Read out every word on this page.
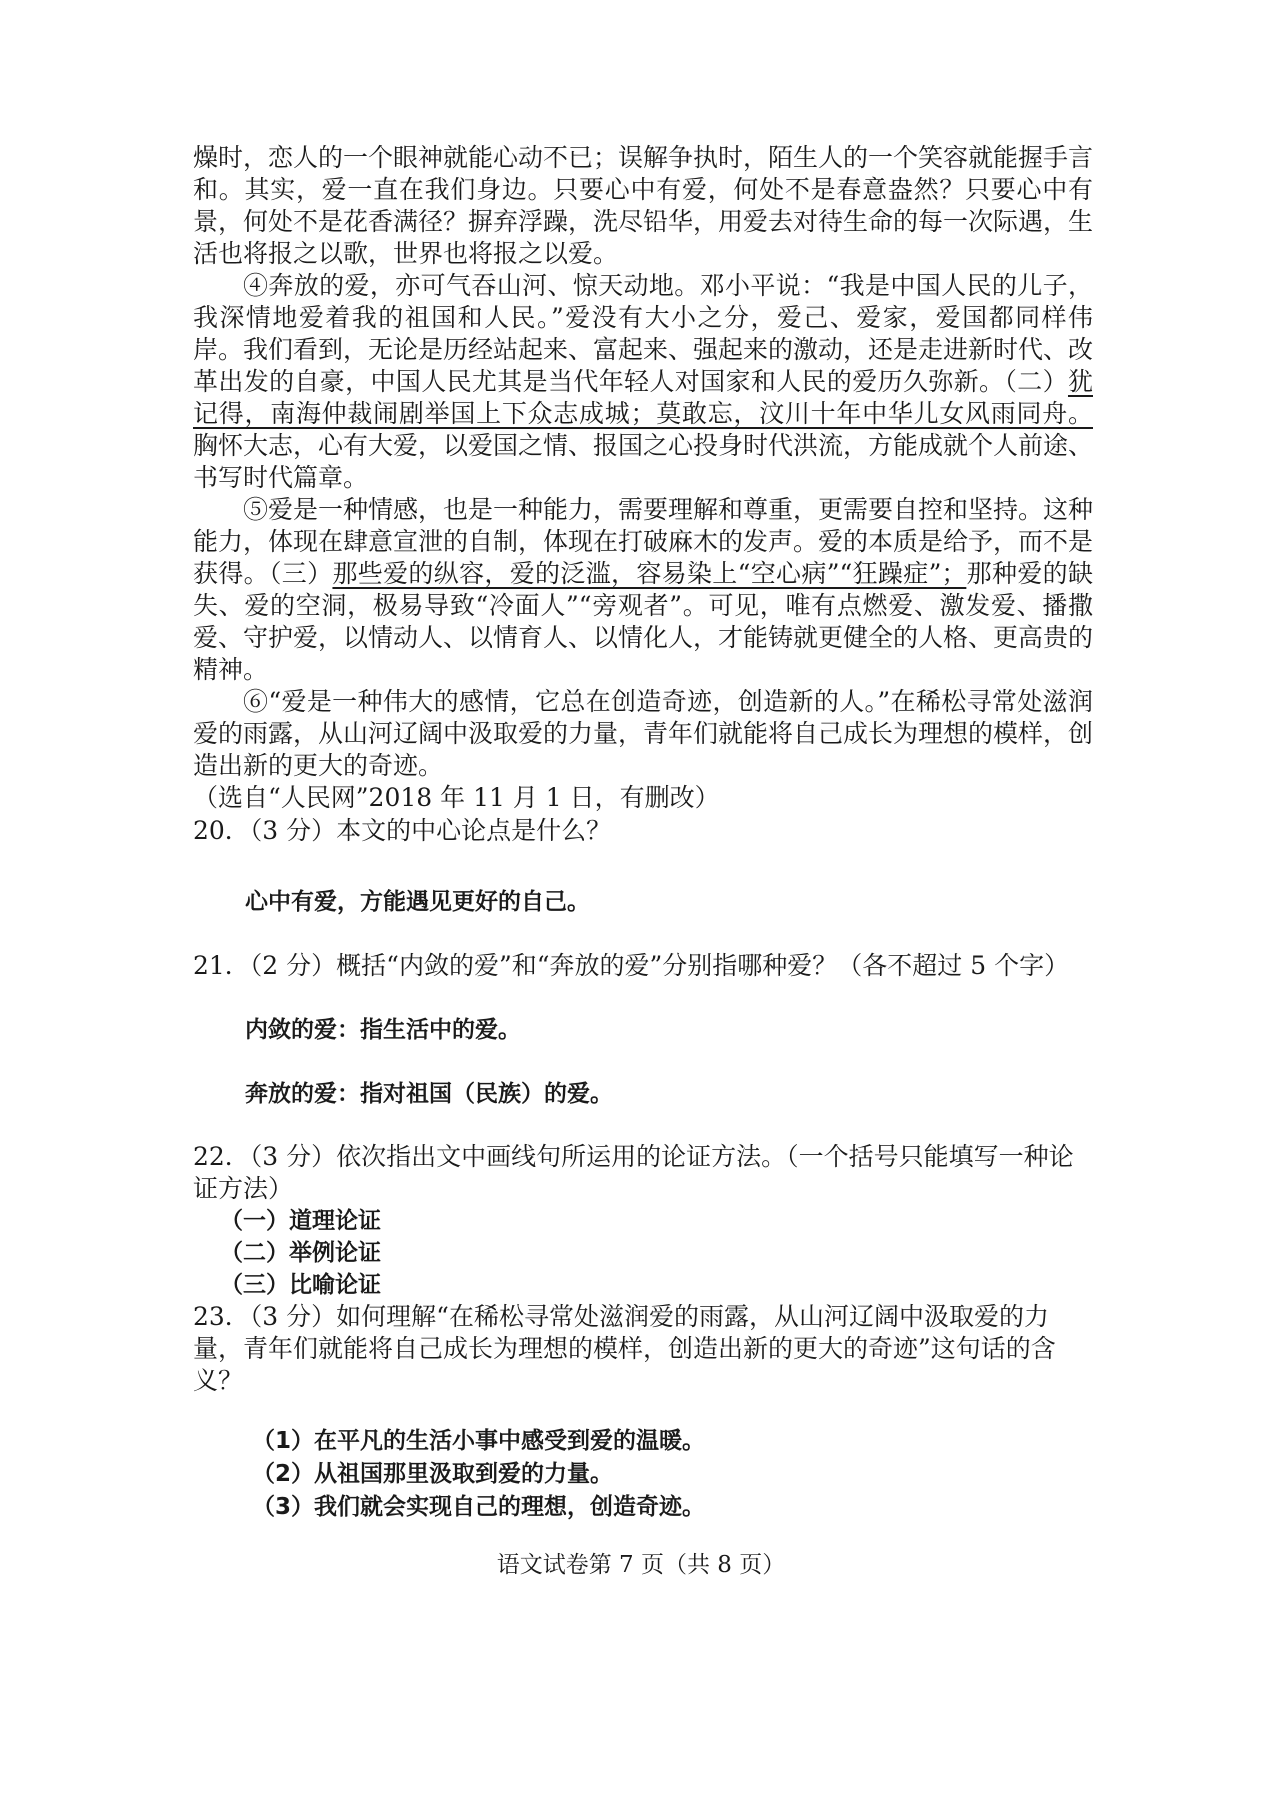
燥时，恋人的一个眼神就能心动不已；误解争执时，陌生人的一个笑容就能握手言和。其实，爱一直在我们身边。只要心中有爱，何处不是春意盎然？只要心中有景，何处不是花香满径？摒弃浮躁，洗尽铅华，用爱去对待生命的每一次际遇，生活也将报之以歌，世界也将报之以爱。

④奔放的爱，亦可气吞山河、惊天动地。邓小平说：“我是中国人民的儿子，我深情地爱着我的祖国和人民。”爱没有大小之分，爱己、爱家，爱国都同样伟岸。我们看到，无论是历经站起来、富起来、强起来的激动，还是走进新时代、改革出发的自豪，中国人民尤其是当代年轻人对国家和人民的爱历久弥新。（二）犹记得，南海仲裁闹剧举国上下众志成城；莫敢忘，汶川十年中华儿女风雨同舟。胸怀大志，心有大爱，以爱国之情、报国之心投身时代洪流，方能成就个人前途、书写时代篇章。

⑤爱是一种情感，也是一种能力，需要理解和尊重，更需要自控和坚持。这种能力，体现在肆意宣泄的自制，体现在打破麻木的发声。爱的本质是给予，而不是获得。（三）那些爱的纵容，爱的泛滥，容易染上“空心病”“狂躁症”；那种爱的缺失、爱的空洞，极易导致“冷面人”“旁观者”。可见，唯有点燃爱、激发爱、播撒爱、守护爱，以情动人、以情育人、以情化人，才能铸就更健全的人格、更高贵的精神。

⑥“爱是一种伟大的感情，它总在创造奇迹，创造新的人。”在稀松寻常处滋润爱的雨露，从山河辽阔中汲取爱的力量，青年们就能将自己成长为理想的模样，创造出新的更大的奇迹。

（选自“人民网”2018 年 11 月 1 日，有删改）

20．（3 分）本文的中心论点是什么？

心中有爱，方能遇见更好的自己。

21．（2 分）概括“内敛的爱”和“奔放的爱”分别指哪种爱？（各不超过 5 个字）

内敛的爱：指生活中的爱。

奔放的爱：指对祖国（民族）的爱。

22．（3 分）依次指出文中画线句所运用的论证方法。（一个括号只能填写一种论证方法）

（一）道理论证

（二）举例论证

（三）比喻论证

23．（3 分）如何理解“在稀松寻常处滋润爱的雨露，从山河辽阔中汲取爱的力量，青年们就能将自己成长为理想的模样，创造出新的更大的奇迹”这句话的含义？

（1）在平凡的生活小事中感受到爱的温暖。

（2）从祖国那里汲取到爱的力量。

（3）我们就会实现自己的理想，创造奇迹。

语文试卷第 7 页（共 8 页）
